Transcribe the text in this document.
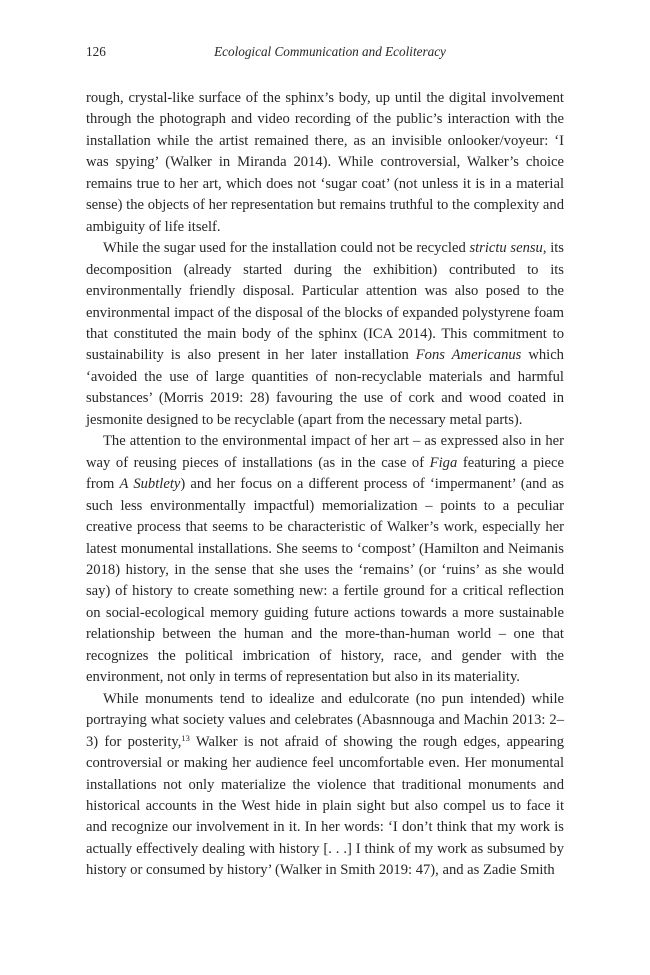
126	Ecological Communication and Ecoliteracy

rough, crystal-like surface of the sphinx’s body, up until the digital involvement through the photograph and video recording of the public’s interaction with the installation while the artist remained there, as an invisible onlooker/voyeur: ‘I was spying’ (Walker in Miranda 2014). While controversial, Walker’s choice remains true to her art, which does not ‘sugar coat’ (not unless it is in a material sense) the objects of her representation but remains truthful to the complexity and ambiguity of life itself.

While the sugar used for the installation could not be recycled strictu sensu, its decomposition (already started during the exhibition) contributed to its environmentally friendly disposal. Particular attention was also posed to the environmental impact of the disposal of the blocks of expanded polystyrene foam that constituted the main body of the sphinx (ICA 2014). This commitment to sustainability is also present in her later installation Fons Americanus which ‘avoided the use of large quantities of non-recyclable materials and harmful substances’ (Morris 2019: 28) favouring the use of cork and wood coated in jesmonite designed to be recyclable (apart from the necessary metal parts).

The attention to the environmental impact of her art – as expressed also in her way of reusing pieces of installations (as in the case of Figa featuring a piece from A Subtlety) and her focus on a different process of ‘impermanent’ (and as such less environmentally impactful) memorialization – points to a peculiar creative process that seems to be characteristic of Walker’s work, especially her latest monumental installations. She seems to ‘compost’ (Hamilton and Neimanis 2018) history, in the sense that she uses the ‘remains’ (or ‘ruins’ as she would say) of history to create something new: a fertile ground for a critical reflection on social-ecological memory guiding future actions towards a more sustainable relationship between the human and the more-than-human world – one that recognizes the political imbrication of history, race, and gender with the environment, not only in terms of representation but also in its materiality.

While monuments tend to idealize and edulcorate (no pun intended) while portraying what society values and celebrates (Abasnnouga and Machin 2013: 2–3) for posterity,$^{13}$ Walker is not afraid of showing the rough edges, appearing controversial or making her audience feel uncomfortable even. Her monumental installations not only materialize the violence that traditional monuments and historical accounts in the West hide in plain sight but also compel us to face it and recognize our involvement in it. In her words: ‘I don’t think that my work is actually effectively dealing with history [. . .] I think of my work as subsumed by history or consumed by history’ (Walker in Smith 2019: 47), and as Zadie Smith
